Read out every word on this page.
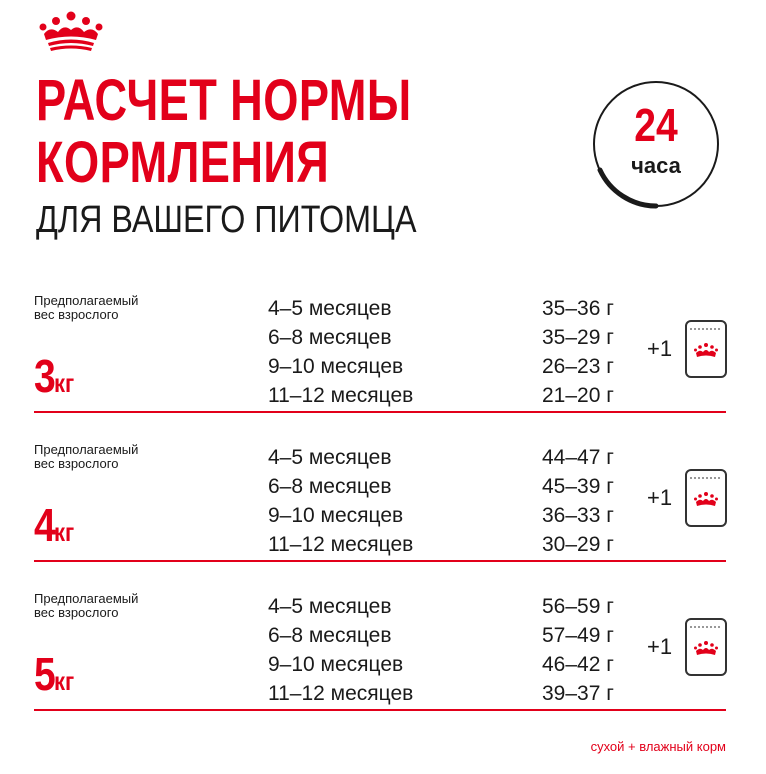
РАСЧЕТ НОРМЫ
КОРМЛЕНИЯ
ДЛЯ ВАШЕГО ПИТОМЦА
24
часа
Предполагаемый
вес взрослого
3кг
4–5 месяцев	35–36 г
6–8 месяцев	35–29 г
9–10 месяцев	26–23 г
11–12 месяцев	21–20 г
+1
Предполагаемый
вес взрослого
4кг
4–5 месяцев	44–47 г
6–8 месяцев	45–39 г
9–10 месяцев	36–33 г
11–12 месяцев	30–29 г
+1
Предполагаемый
вес взрослого
5кг
4–5 месяцев	56–59 г
6–8 месяцев	57–49 г
9–10 месяцев	46–42 г
11–12 месяцев	39–37 г
+1
сухой + влажный корм
